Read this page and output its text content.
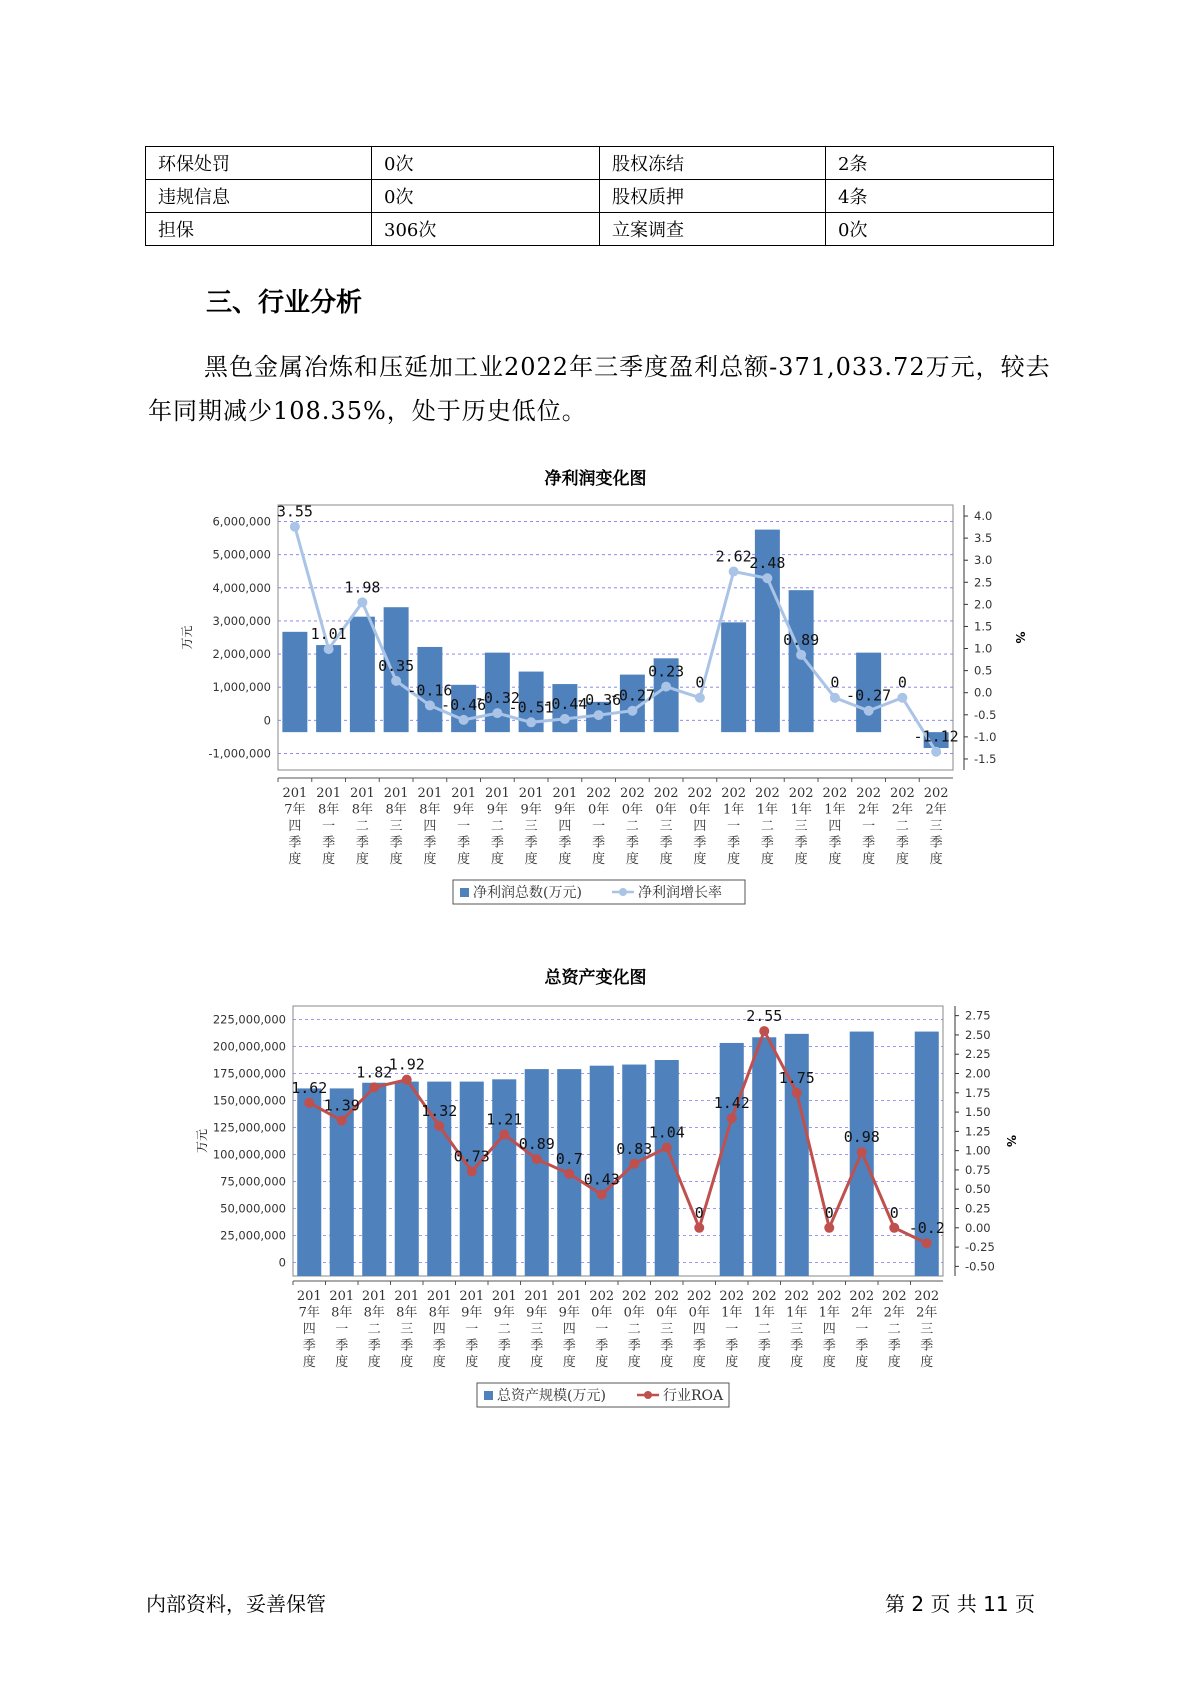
环保处罚	0次	股权冻结	2条
违规信息	0次	股权质押	4条
担保	306次	立案调查	0次
三、行业分析

黑色金属冶炼和压延加工业2022年三季度盈利总额-371,033.72万元，较去年同期减少108.35%，处于历史低位。

净利润变化图
6,000,000
5,000,000
4,000,000
3,000,000
2,000,000
1,000,000
0
-1,000,000
4.0
3.5
3.0
2.5
2.0
1.5
1.0
0.5
0.0
-0.5
-1.0
-1.5
万元	%
3.55
1.01
1.98
0.35
-0.16
-0.46
-0.32
-0.51
-0.44
-0.36
-0.27
0.23
0
2.62
2.48
0.89
0
-0.27
0
-1.12
201
7年
四
季
度
201
8年
一
季
度
201
8年
二
季
度
201
8年
三
季
度
201
8年
四
季
度
201
9年
一
季
度
201
9年
二
季
度
201
9年
三
季
度
201
9年
四
季
度
202
0年
一
季
度
202
0年
二
季
度
202
0年
三
季
度
202
0年
四
季
度
202
1年
一
季
度
202
1年
二
季
度
202
1年
三
季
度
202
1年
四
季
度
202
2年
一
季
度
202
2年
二
季
度
202
2年
三
季
度
净利润总数(万元)	净利润增长率
总资产变化图
225,000,000
200,000,000
175,000,000
150,000,000
125,000,000
100,000,000
75,000,000
50,000,000
25,000,000
0
2.75
2.50
2.25
2.00
1.75
1.50
1.25
1.00
0.75
0.50
0.25
0.00
-0.25
-0.50
万元	%
1.62
1.39
1.82
1.92
1.32
0.73
1.21
0.89
0.7
0.43
0.83
1.04
0
1.42
2.55
1.75
0
0.98
0
-0.2
201
7年
四
季
度
201
8年
一
季
度
201
8年
二
季
度
201
8年
三
季
度
201
8年
四
季
度
201
9年
一
季
度
201
9年
二
季
度
201
9年
三
季
度
201
9年
四
季
度
202
0年
一
季
度
202
0年
二
季
度
202
0年
三
季
度
202
0年
四
季
度
202
1年
一
季
度
202
1年
二
季
度
202
1年
三
季
度
202
1年
四
季
度
202
2年
一
季
度
202
2年
二
季
度
202
2年
三
季
度
总资产规模(万元)	行业ROA
内部资料，妥善保管	第 2 页 共 11 页
